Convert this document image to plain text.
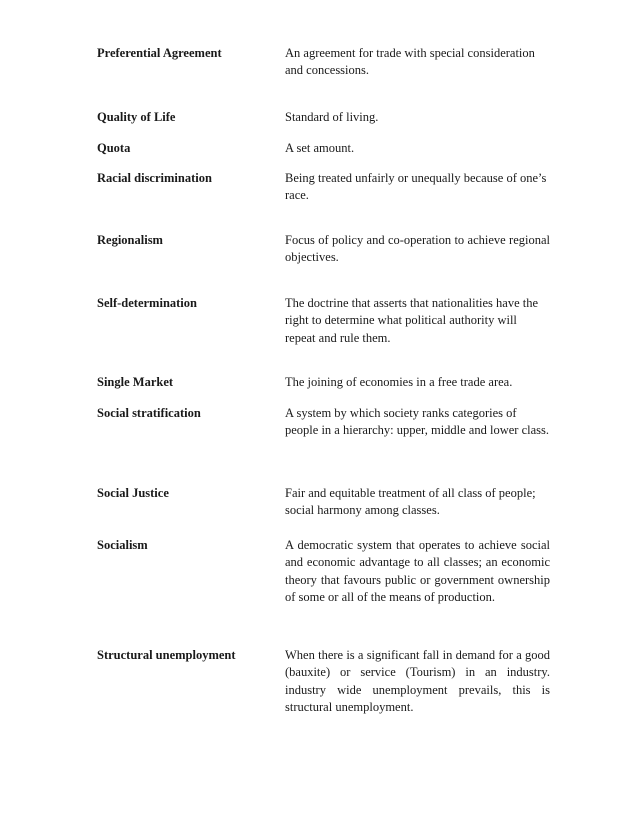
Preferential Agreement	An agreement for trade with special consideration and concessions.
Quality of Life	Standard of living.
Quota	A set amount.
Racial discrimination	Being treated unfairly or unequally because of one’s race.
Regionalism	Focus of policy and co-operation to achieve regional objectives.
Self-determination	The doctrine that asserts that nationalities have the right to determine what political authority will repeat and rule them.
Single Market	The joining of economies in a free trade area.
Social stratification	A system by which society ranks categories of people in a hierarchy: upper, middle and lower class.
Social Justice	Fair and equitable treatment of all class of people; social harmony among classes.
Socialism	A democratic system that operates to achieve social and economic advantage to all classes; an economic theory that favours public or government ownership of some or all of the means of production.
Structural unemployment	When there is a significant fall in demand for a good (bauxite) or service (Tourism) in an industry. industry wide unemployment prevails, this is structural unemployment.
